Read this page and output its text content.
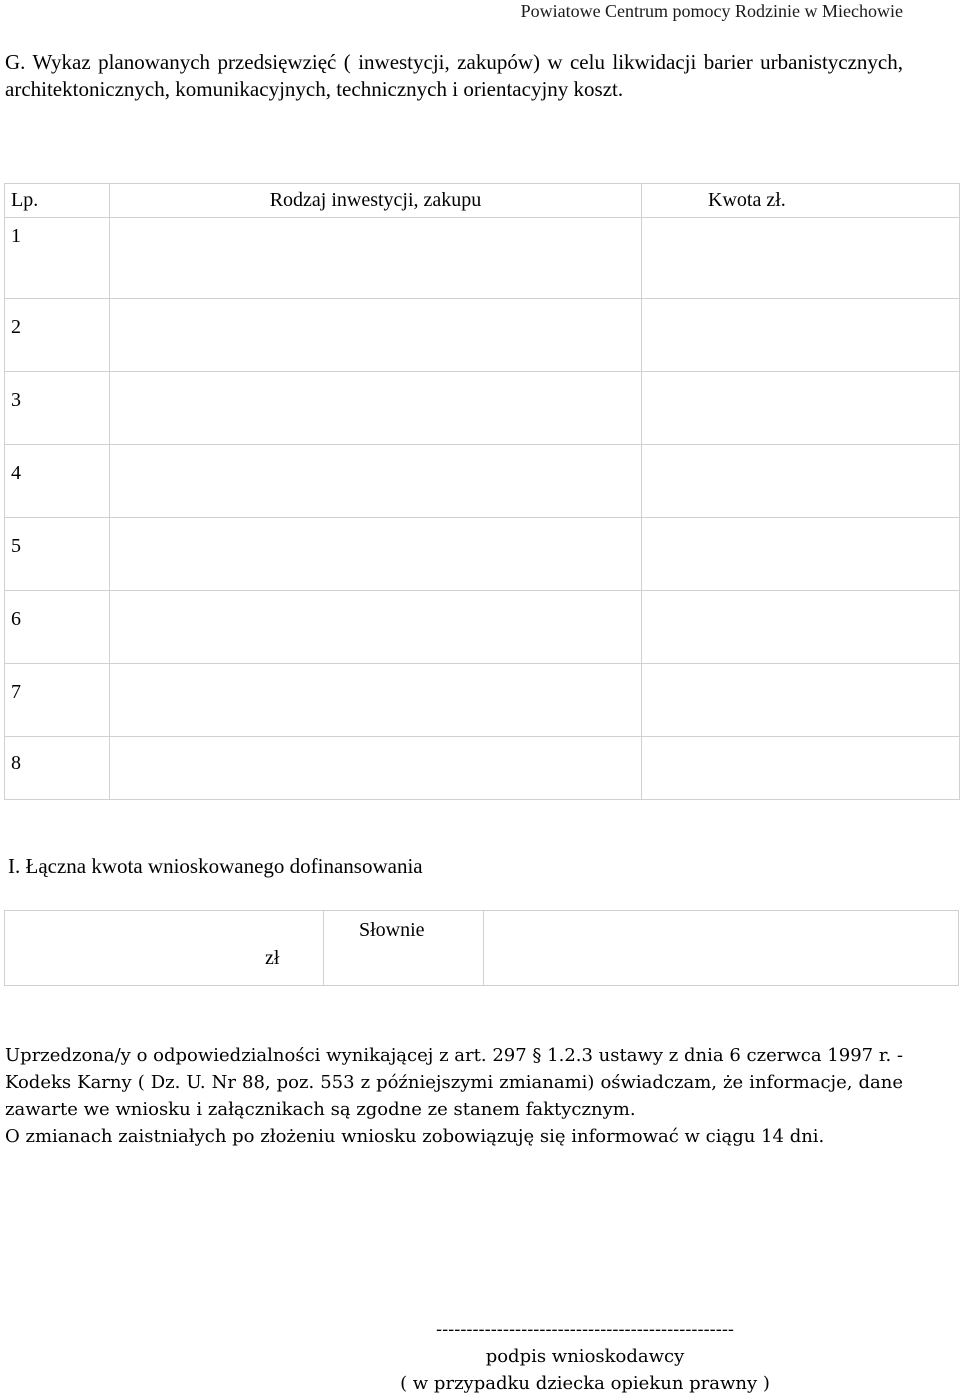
Powiatowe Centrum pomocy Rodzinie w Miechowie
G. Wykaz planowanych przedsięwzięć ( inwestycji, zakupów) w celu likwidacji barier urbanistycznych, architektonicznych, komunikacyjnych, technicznych i orientacyjny koszt.
Lp.	Rodzaj inwestycji, zakupu	Kwota zł.

1		

2		

3		

4		

5		

6		

7		

8		

I. Łączna kwota wnioskowanego dofinansowania
zł
Słownie

Uprzedzona/y o odpowiedzialności wynikającej z art. 297 § 1.2.3 ustawy z dnia 6 czerwca 1997 r. - Kodeks Karny ( Dz. U. Nr 88, poz. 553 z późniejszymi zmianami) oświadczam, że informacje, dane zawarte we wniosku i załącznikach są zgodne ze stanem faktycznym.

O zmianach zaistniałych po złożeniu wniosku zobowiązuję się informować w ciągu 14 dni.

-------------------------------------------------
podpis wnioskodawcy
( w przypadku dziecka opiekun prawny )
